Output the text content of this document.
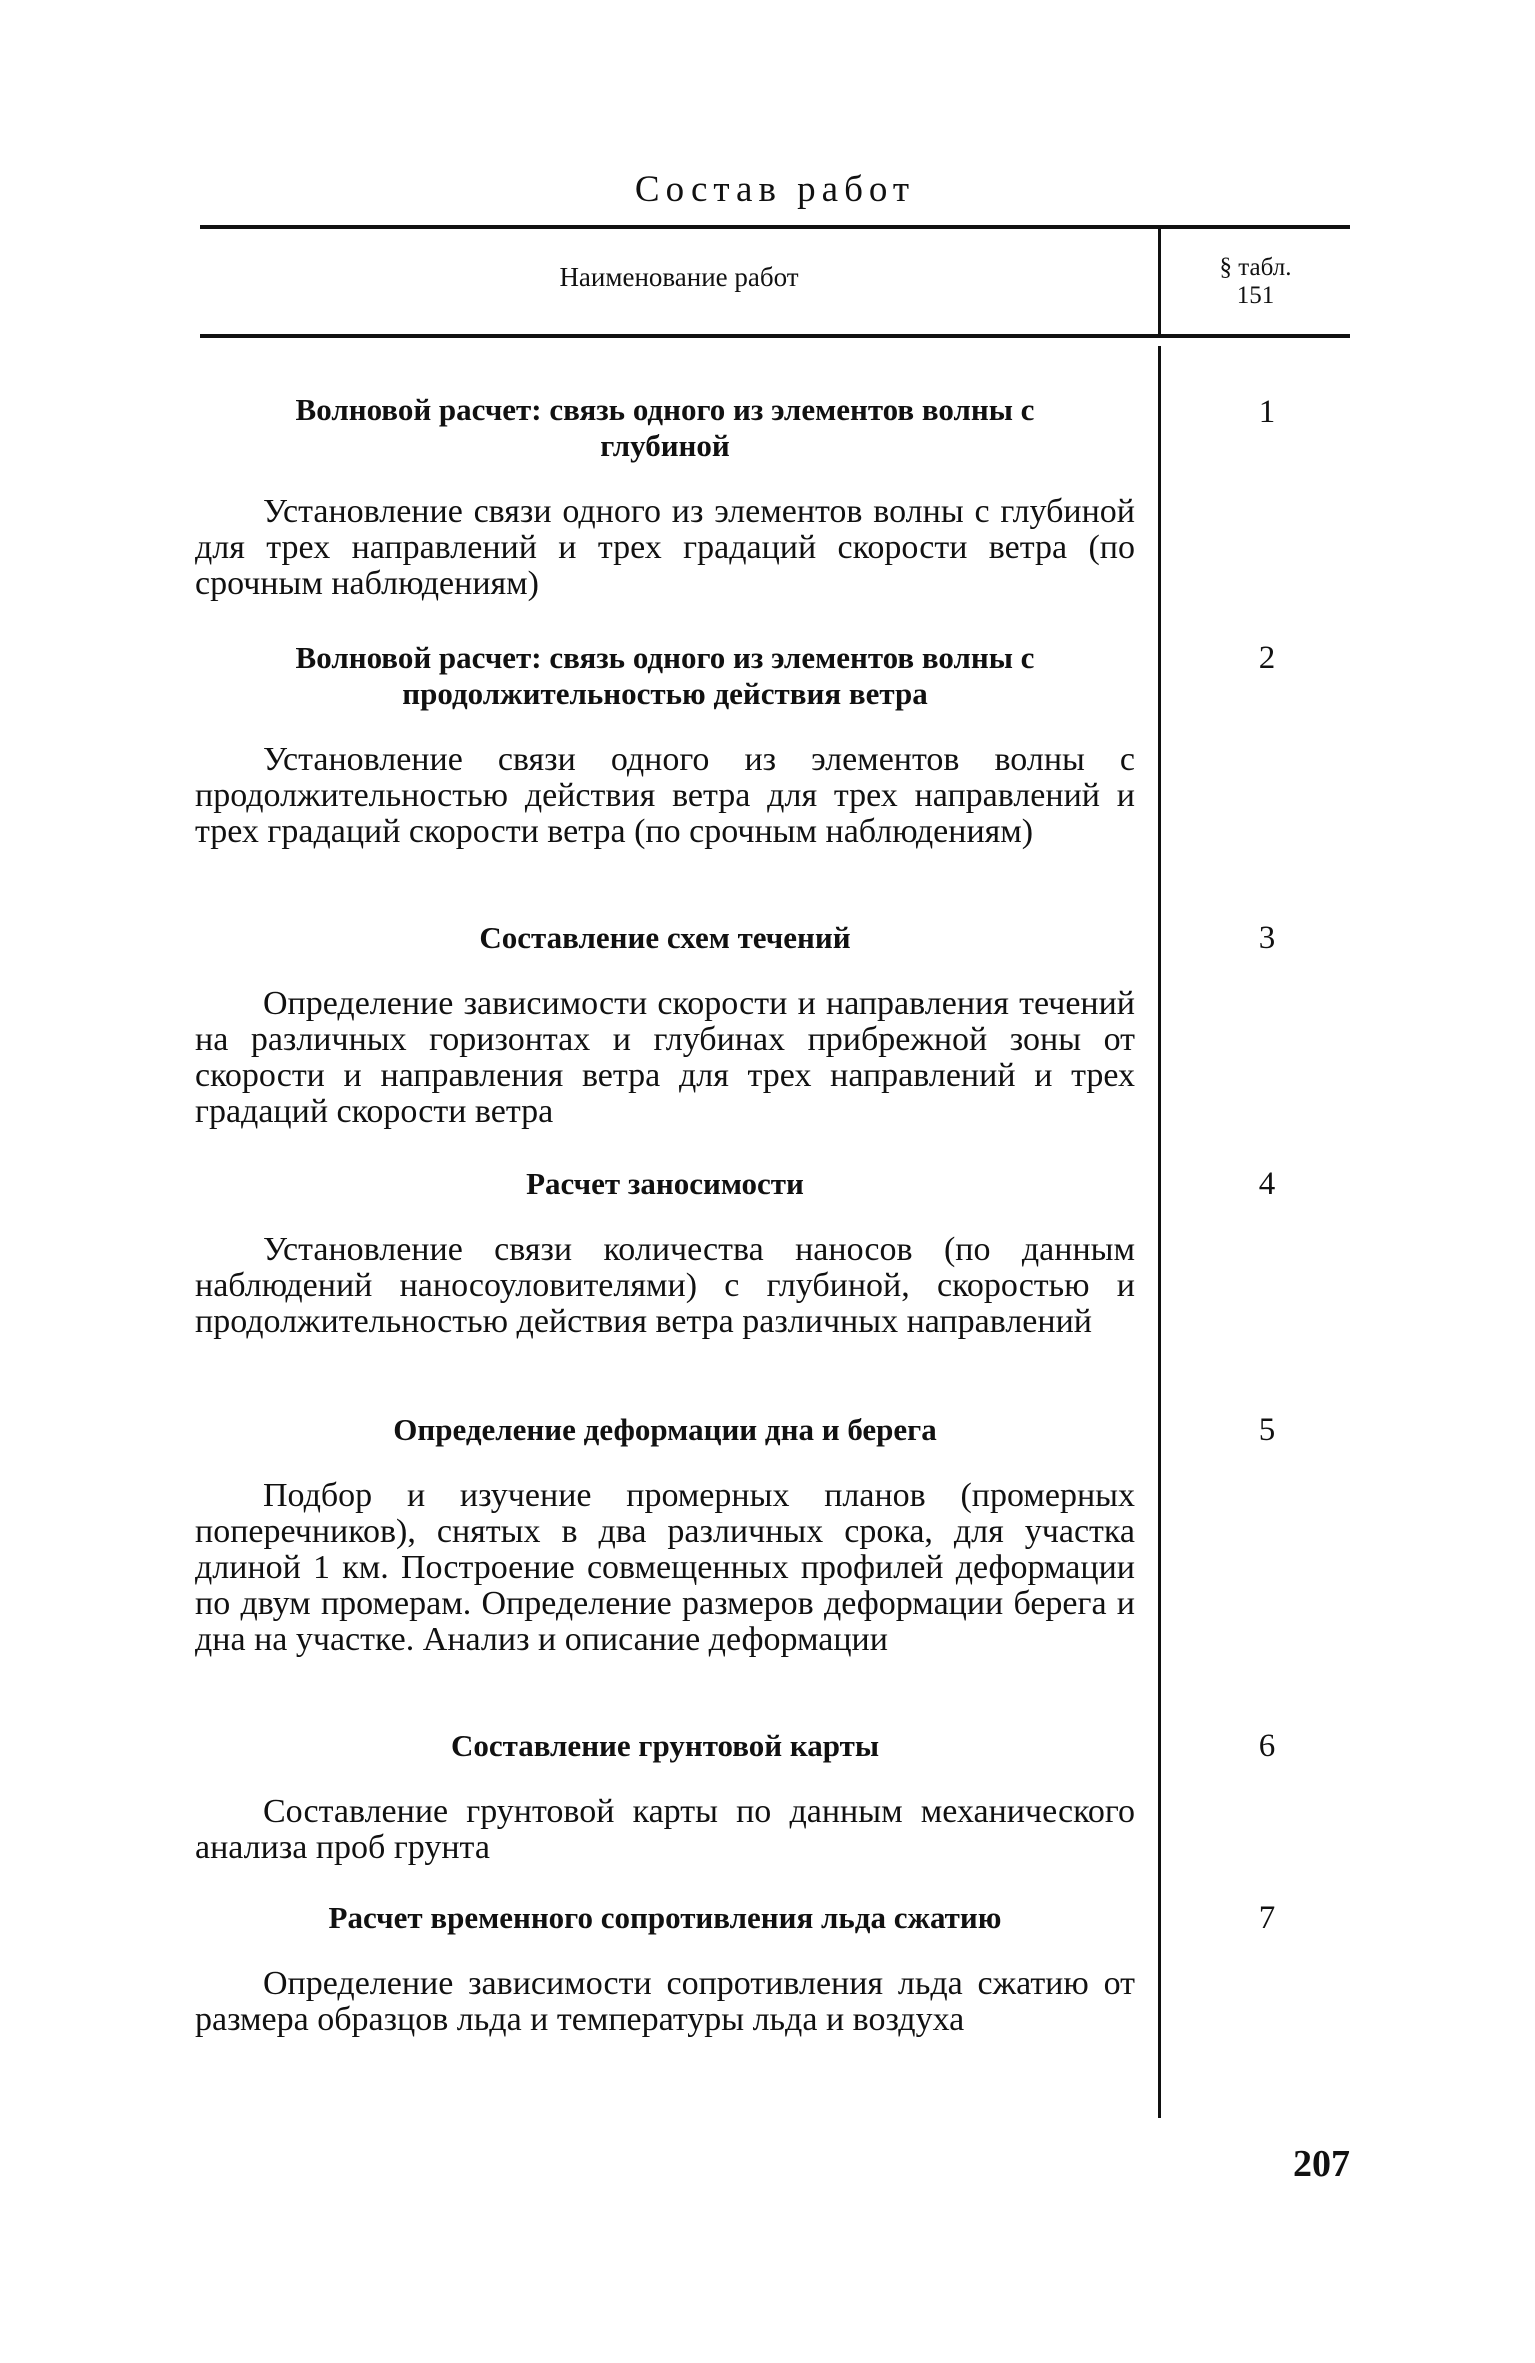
Состав работ
Наименование работ	§ табл.
151

Волновой расчет: связь одного из элементов волны с глубиной

Установление связи одного из элементов волны с глубиной для трех направлений и трех градаций скорости ветра (по срочным наблюдениям)

1

Волновой расчет: связь одного из элементов волны с продолжительностью действия ветра

Установление связи одного из элементов волны с продолжительностью действия ветра для трех направлений и трех градаций скорости ветра (по срочным наблюдениям)

2

Составление схем течений

Определение зависимости скорости и направления течений на различных горизонтах и глубинах прибрежной зоны от скорости и направления ветра для трех направлений и трех градаций скорости ветра

3

Расчет заносимости

Установление связи количества наносов (по данным наблюдений наносоуловителями) с глубиной, скоростью и продолжительностью действия ветра различных направлений

4

Определение деформации дна и берега

Подбор и изучение промерных планов (промерных поперечников), снятых в два различных срока, для участка длиной 1 км. Построение совмещенных профилей деформации по двум промерам. Определение размеров деформации берега и дна на участке. Анализ и описание деформации

5

Составление грунтовой карты

Составление грунтовой карты по данным механического анализа проб грунта

6

Расчет временного сопротивления льда сжатию

Определение зависимости сопротивления льда сжатию от размера образцов льда и температуры льда и воздуха

7
207
